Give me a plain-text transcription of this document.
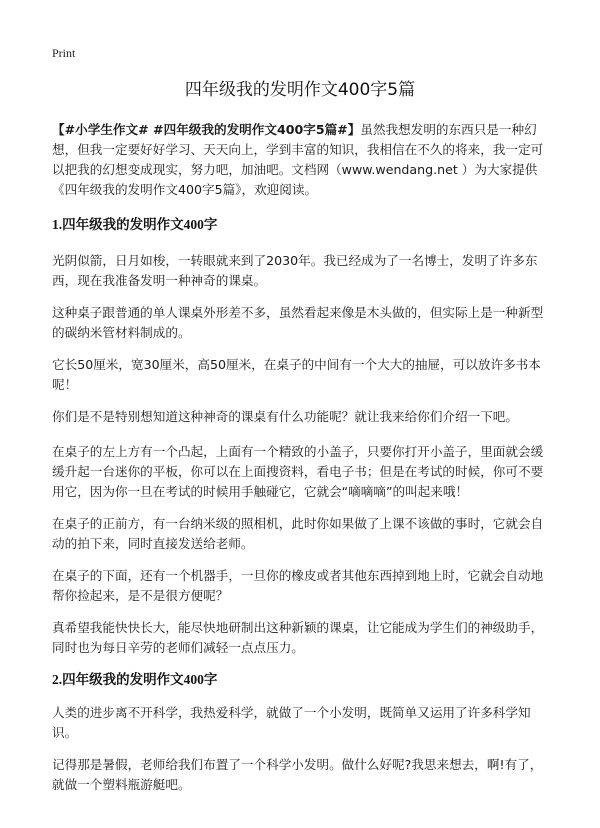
Print
四年级我的发明作文400字5篇

【#小学生作文# #四年级我的发明作文400字5篇#】虽然我想发明的东西只是一种幻想，但我一定要好好学习、天天向上，学到丰富的知识，我相信在不久的将来，我一定可以把我的幻想变成现实，努力吧，加油吧。文档网（www.wendang.net ）为大家提供《四年级我的发明作文400字5篇》，欢迎阅读。

1.四年级我的发明作文400字

光阴似箭，日月如梭，一转眼就来到了2030年。我已经成为了一名博士，发明了许多东西，现在我准备发明一种神奇的课桌。

这种桌子跟普通的单人课桌外形差不多，虽然看起来像是木头做的，但实际上是一种新型的碳纳米管材料制成的。

它长50厘米，宽30厘米，高50厘米，在桌子的中间有一个大大的抽屉，可以放许多书本呢！

你们是不是特别想知道这种神奇的课桌有什么功能呢？就让我来给你们介绍一下吧。

在桌子的左上方有一个凸起，上面有一个精致的小盖子，只要你打开小盖子，里面就会缓缓升起一台迷你的平板，你可以在上面搜资料，看电子书；但是在考试的时候，你可不要用它，因为你一旦在考试的时候用手触碰它，它就会“嘀嘀嘀”的叫起来哦！

在桌子的正前方，有一台纳米级的照相机，此时你如果做了上课不该做的事时，它就会自动的拍下来，同时直接发送给老师。

在桌子的下面，还有一个机器手，一旦你的橡皮或者其他东西掉到地上时，它就会自动地帮你捡起来，是不是很方便呢？

真希望我能快快长大，能尽快地研制出这种新颖的课桌，让它能成为学生们的神级助手，同时也为每日辛劳的老师们减轻一点点压力。

2.四年级我的发明作文400字

人类的进步离不开科学，我热爱科学，就做了一个小发明，既简单又运用了许多科学知识。

记得那是暑假，老师给我们布置了一个科学小发明。做什么好呢?我思来想去，啊!有了，就做一个塑料瓶游艇吧。
